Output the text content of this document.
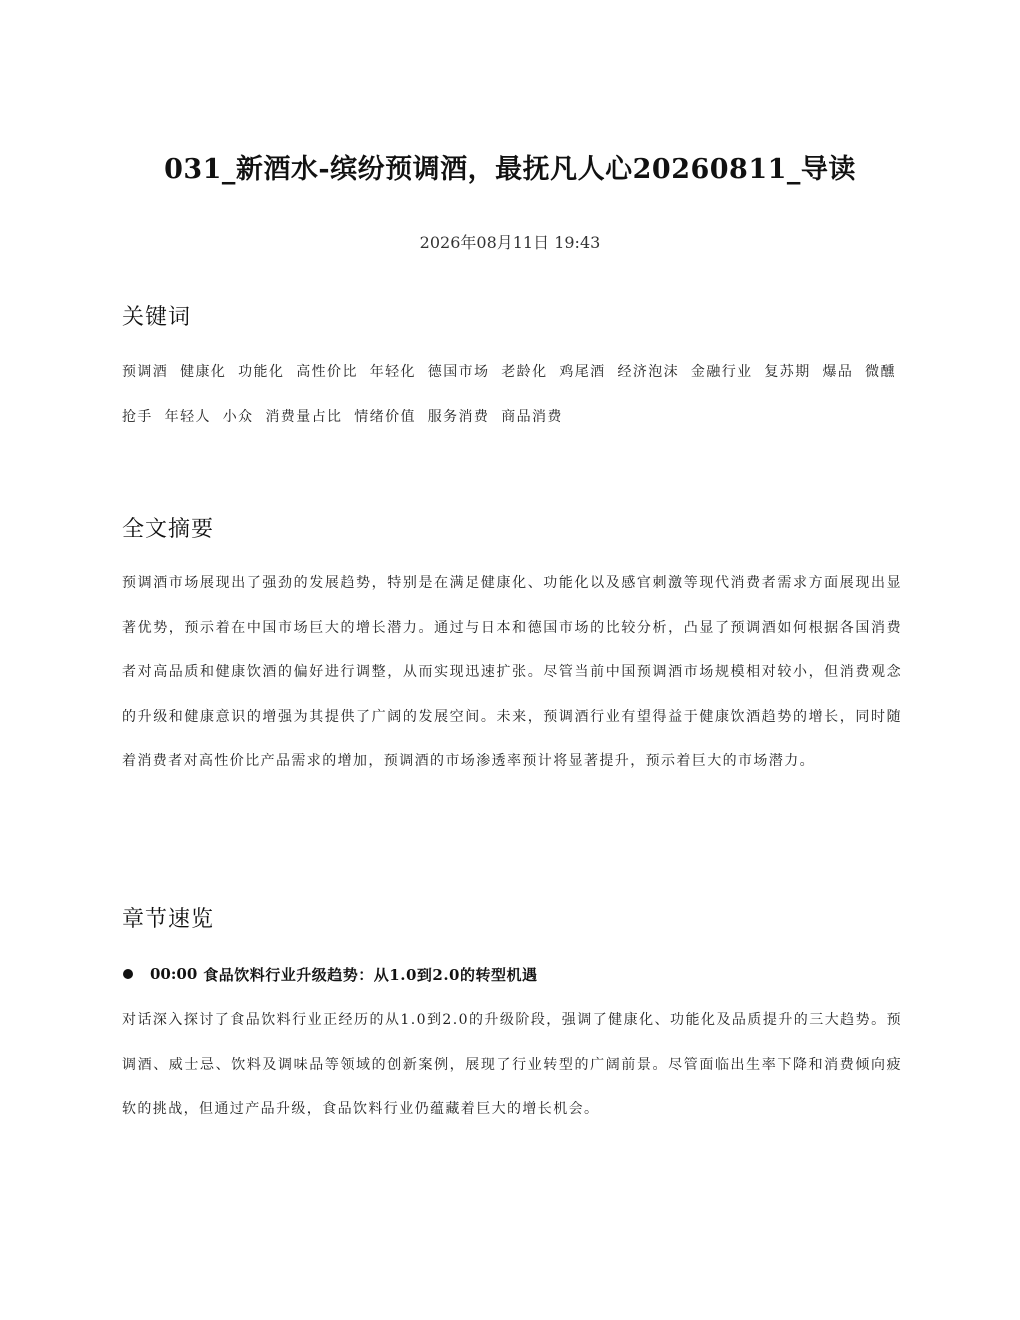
031_新酒水-缤纷预调酒，最抚凡人心20260811_导读
2026年08月11日 19:43
关键词

预调酒 健康化 功能化 高性价比 年轻化 德国市场 老龄化 鸡尾酒 经济泡沫 金融行业 复苏期 爆品 微醺 抢手 年轻人 小众 消费量占比 情绪价值 服务消费 商品消费

全文摘要

预调酒市场展现出了强劲的发展趋势，特别是在满足健康化、功能化以及感官刺激等现代消费者需求方面展现出显著优势，预示着在中国市场巨大的增长潜力。通过与日本和德国市场的比较分析，凸显了预调酒如何根据各国消费者对高品质和健康饮酒的偏好进行调整，从而实现迅速扩张。尽管当前中国预调酒市场规模相对较小，但消费观念的升级和健康意识的增强为其提供了广阔的发展空间。未来，预调酒行业有望得益于健康饮酒趋势的增长，同时随着消费者对高性价比产品需求的增加，预调酒的市场渗透率预计将显著提升，预示着巨大的市场潜力。

章节速览
00:00 食品饮料行业升级趋势：从1.0到2.0的转型机遇

对话深入探讨了食品饮料行业正经历的从1.0到2.0的升级阶段，强调了健康化、功能化及品质提升的三大趋势。预调酒、威士忌、饮料及调味品等领域的创新案例，展现了行业转型的广阔前景。尽管面临出生率下降和消费倾向疲软的挑战，但通过产品升级，食品饮料行业仍蕴藏着巨大的增长机会。
